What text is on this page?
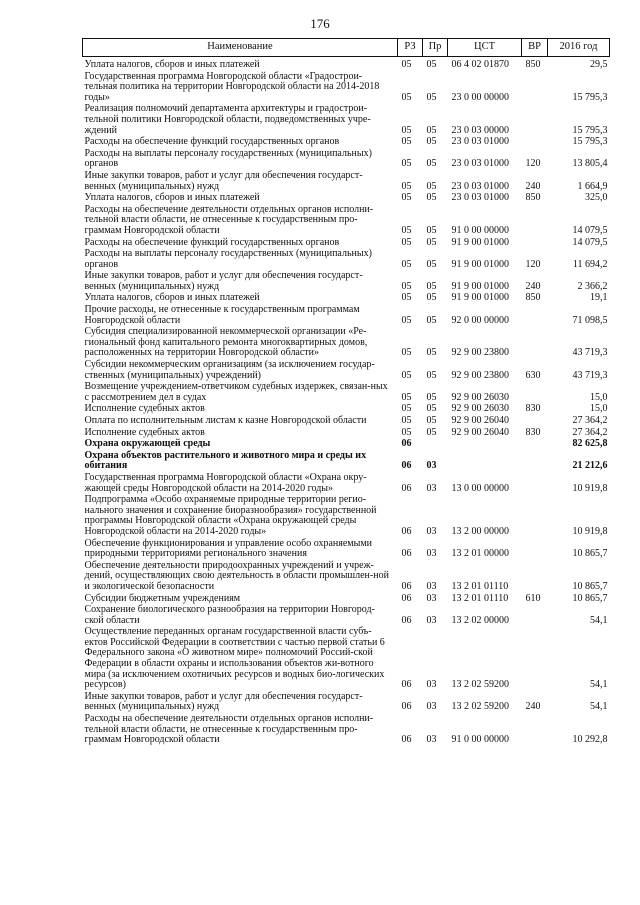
176
Наименование	РЗ	Пр	ЦСТ	ВР	2016 год
Уплата налогов, сборов и иных платежей	05	05	06 4 02 01870	850	29,5
Государственная программа Новгородской области «Градострои-тельная политика на территории Новгородской области на 2014-2018 годы»	05	05	23 0 00 00000		15 795,3
Реализация полномочий департамента архитектуры и градострои-тельной политики Новгородской области, подведомственных учре-ждений	05	05	23 0 03 00000		15 795,3
Расходы на обеспечение функций государственных органов	05	05	23 0 03 01000		15 795,3
Расходы на выплаты персоналу государственных (муниципальных) органов	05	05	23 0 03 01000	120	13 805,4
Иные закупки товаров, работ и услуг для обеспечения государст-венных (муниципальных) нужд	05	05	23 0 03 01000	240	1 664,9
Уплата налогов, сборов и иных платежей	05	05	23 0 03 01000	850	325,0
Расходы на обеспечение деятельности отдельных органов исполни-тельной власти области, не отнесенные к государственным про-граммам Новгородской области	05	05	91 0 00 00000		14 079,5
Расходы на обеспечение функций государственных органов	05	05	91 9 00 01000		14 079,5
Расходы на выплаты персоналу государственных (муниципальных) органов	05	05	91 9 00 01000	120	11 694,2
Иные закупки товаров, работ и услуг для обеспечения государст-венных (муниципальных) нужд	05	05	91 9 00 01000	240	2 366,2
Уплата налогов, сборов и иных платежей	05	05	91 9 00 01000	850	19,1
Прочие расходы, не отнесенные к государственным программам Новгородской области	05	05	92 0 00 00000		71 098,5
Субсидия специализированной некоммерческой организации «Ре-гиональный фонд капитального ремонта многоквартирных домов, расположенных на территории Новгородской области»	05	05	92 9 00 23800		43 719,3
Субсидии некоммерческим организациям (за исключением государ-ственных (муниципальных) учреждений)	05	05	92 9 00 23800	630	43 719,3
Возмещение учреждением-ответчиком судебных издержек, связан-ных с рассмотрением дел в судах	05	05	92 9 00 26030		15,0
Исполнение судебных актов	05	05	92 9 00 26030	830	15,0
Оплата по исполнительным листам к казне Новгородской области	05	05	92 9 00 26040		27 364,2
Исполнение судебных актов	05	05	92 9 00 26040	830	27 364,2
Охрана окружающей среды	06				82 625,8
Охрана объектов растительного и животного мира и среды их обитания	06	03			21 212,6
Государственная программа Новгородской области «Охрана окру-жающей среды Новгородской области на 2014-2020 годы»	06	03	13 0 00 00000		10 919,8
Подпрограмма «Особо охраняемые природные территории регио-нального значения и сохранение биоразнообразия» государственной программы Новгородской области «Охрана окружающей среды Новгородской области на 2014-2020 годы»	06	03	13 2 00 00000		10 919,8
Обеспечение функционирования и управление особо охраняемыми природными территориями регионального значения	06	03	13 2 01 00000		10 865,7
Обеспечение деятельности природоохранных учреждений и учреж-дений, осуществляющих свою деятельность в области промышлен-ной и экологической безопасности	06	03	13 2 01 01110		10 865,7
Субсидии бюджетным учреждениям	06	03	13 2 01 01110	610	10 865,7
Сохранение биологического разнообразия на территории Новгород-ской области	06	03	13 2 02 00000		54,1
Осуществление переданных органам государственной власти субъ-ектов Российской Федерации в соответствии с частью первой статьи 6 Федерального закона «О животном мире» полномочий Россий-ской Федерации в области охраны и использования объектов жи-вотного мира (за исключением охотничьих ресурсов и водных био-логических ресурсов)	06	03	13 2 02 59200		54,1
Иные закупки товаров, работ и услуг для обеспечения государст-венных (муниципальных) нужд	06	03	13 2 02 59200	240	54,1
Расходы на обеспечение деятельности отдельных органов исполни-тельной власти области, не отнесенные к государственным про-граммам Новгородской области	06	03	91 0 00 00000		10 292,8
